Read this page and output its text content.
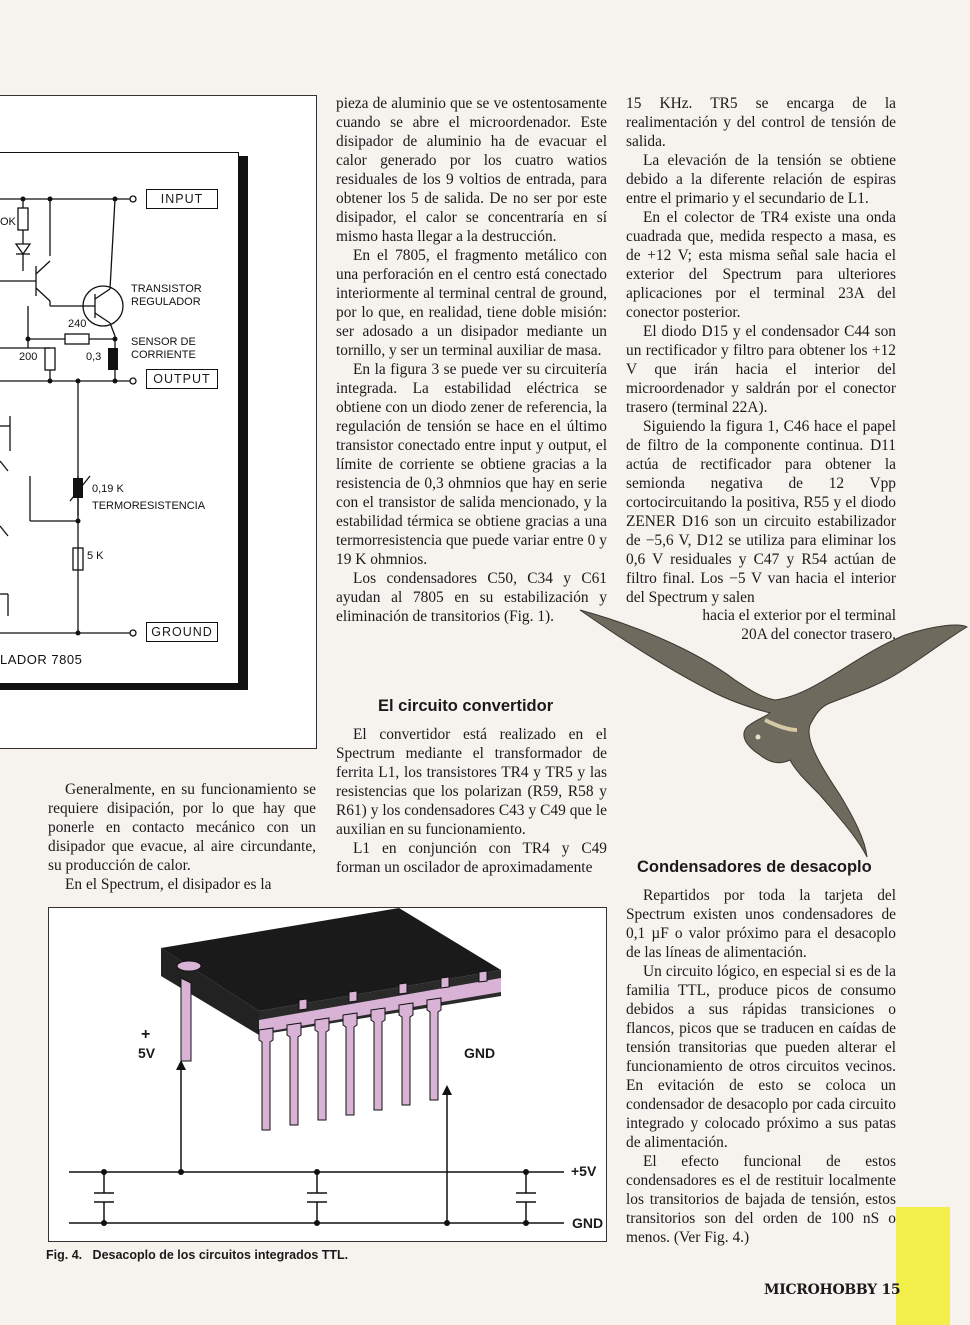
OK
INPUT
OUTPUT
GROUND
TRANSISTOR
REGULADOR
SENSOR DE
CORRIENTE
240
200	0,3
0,19 K
TERMORESISTENCIA
5 K
LADOR 7805

Generalmente, en su funcionamiento se requiere disipación, por lo que hay que ponerle en contacto mecánico con un disipador que evacue, al aire circundante, su producción de calor.

En el Spectrum, el disipador es la

pieza de aluminio que se ve ostentosamente cuando se abre el microordenador. Este disipador de aluminio ha de evacuar el calor generado por los cuatro watios residuales de los 9 voltios de entrada, para obtener los 5 de salida. De no ser por este disipador, el calor se concentraría en sí mismo hasta llegar a la destrucción.

En el 7805, el fragmento metálico con una perforación en el centro está conectado interiormente al terminal central de ground, por lo que, en realidad, tiene doble misión: ser adosado a un disipador mediante un tornillo, y ser un terminal auxiliar de masa.

En la figura 3 se puede ver su circuitería integrada. La estabilidad eléctrica se obtiene con un diodo zener de referencia, la regulación de tensión se hace en el último transistor conectado entre input y output, el límite de corriente se obtiene gracias a la resistencia de 0,3 ohmnios que hay en serie con el transistor de salida mencionado, y la estabilidad térmica se obtiene gracias a una termorresistencia que puede variar entre 0 y 19 K ohmnios.

Los condensadores C50, C34 y C61 ayudan al 7805 en su estabilización y eliminación de transitorios (Fig. 1).

El circuito convertidor

El convertidor está realizado en el Spectrum mediante el transformador de ferrita L1, los transistores TR4 y TR5 y las resistencias que los polarizan (R59, R58 y R61) y los condensadores C43 y C49 que le auxilian en su funcionamiento.

L1 en conjunción con TR4 y C49 forman un oscilador de aproximadamente

15 KHz. TR5 se encarga de la realimentación y del control de tensión de salida.

La elevación de la tensión se obtiene debido a la diferente relación de espiras entre el primario y el secundario de L1.

En el colector de TR4 existe una onda cuadrada que, medida respecto a masa, es de +12 V; esta misma señal sale hacia el exterior del Spectrum para ulteriores aplicaciones por el terminal 23A del conector posterior.

El diodo D15 y el condensador C44 son un rectificador y filtro para obtener los +12 V que irán hacia el interior del microordenador y saldrán por el conector trasero (terminal 22A).

Siguiendo la figura 1, C46 hace el papel de filtro de la componente continua. D11 actúa de rectificador para obtener la semionda negativa de 12 Vpp cortocircuitando la positiva, R55 y el diodo ZENER D16 son un circuito estabilizador de −5,6 V, D12 se utiliza para eliminar los 0,6 V residuales y C47 y R54 actúan de filtro final. Los −5 V van hacia el interior del Spectrum y salen

hacia el exterior por el terminal
20A del conector trasero.
Condensadores de desacoplo

Repartidos por toda la tarjeta del Spectrum existen unos condensadores de 0,1 µF o valor próximo para el desacoplo de las líneas de alimentación.

Un circuito lógico, en especial si es de la familia TTL, produce picos de consumo debidos a sus rápidas transiciones o flancos, picos que se traducen en caídas de tensión transitorias que pueden alterar el funcionamiento de otros circuitos vecinos. En evitación de esto se coloca un condensador de desacoplo por cada circuito integrado y colocado próximo a sus patas de alimentación.

El efecto funcional de estos condensadores es el de restituir localmente los transitorios de bajada de tensión, estos transitorios son del orden de 100 nS o menos. (Ver Fig. 4.)

+
5V	GND
+5V
GND
Fig. 4. Desacoplo de los circuitos integrados TTL.
MICROHOBBY 15
